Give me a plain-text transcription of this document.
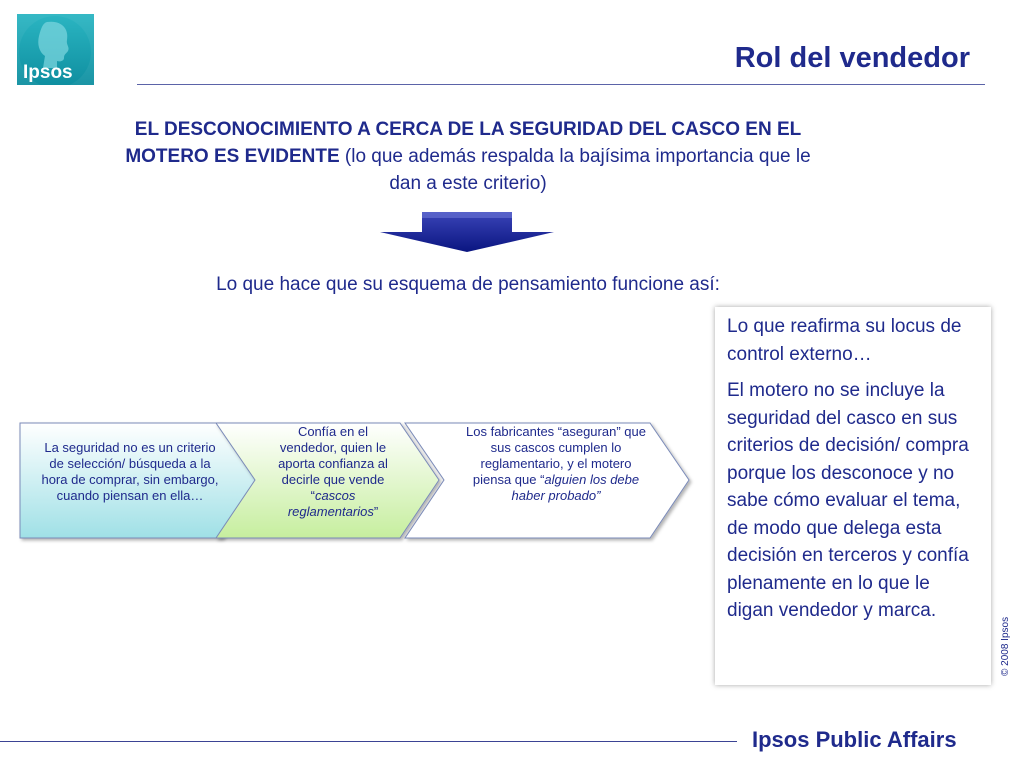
Ipsos	Rol del vendedor
EL DESCONOCIMIENTO A CERCA DE LA SEGURIDAD DEL CASCO EN EL MOTERO ES EVIDENTE (lo que además respalda la bajísima importancia que le dan a este criterio)
Lo que hace que su esquema de pensamiento funcione así:
La seguridad no es un criterio de selección/ búsqueda a la hora de comprar, sin embargo, cuando piensan en ella…
Confía en el vendedor, quien le aporta confianza al decirle que vende “cascos reglamentarios”
Los fabricantes “aseguran” que sus cascos cumplen lo reglamentario, y el motero piensa que “alguien los debe haber probado”

Lo que reafirma su locus de control externo…

El motero no se incluye la seguridad del casco en sus criterios de decisión/ compra porque los desconoce y no sabe cómo evaluar el tema, de modo que delega esta decisión en terceros y confía plenamente en lo que le digan vendedor y marca.

© 2008 Ipsos
Ipsos Public Affairs
